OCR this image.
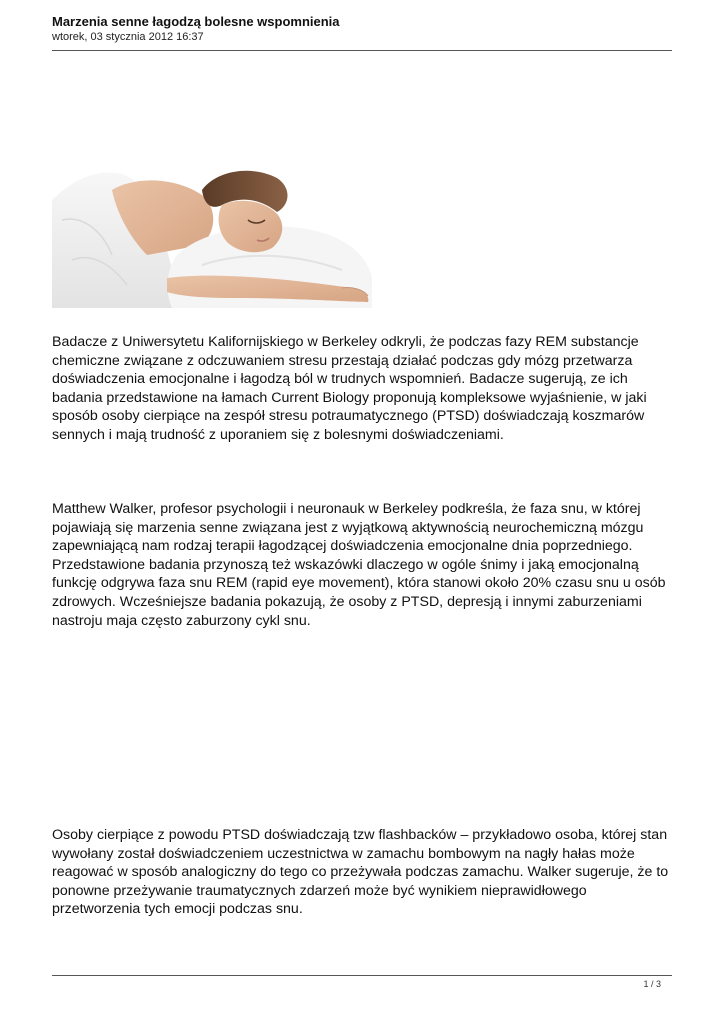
Marzenia senne łagodzą bolesne wspomnienia
wtorek, 03 stycznia 2012 16:37

Badacze z Uniwersytetu Kalifornijskiego w Berkeley odkryli, że podczas fazy REM substancje chemiczne związane z odczuwaniem stresu przestają działać podczas gdy mózg przetwarza doświadczenia emocjonalne i łagodzą ból w trudnych wspomnień. Badacze sugerują, ze ich badania przedstawione na łamach Current Biology proponują kompleksowe wyjaśnienie, w jaki sposób osoby cierpiące na zespół stresu potraumatycznego (PTSD) doświadczają koszmarów sennych i mają trudność z uporaniem się z bolesnymi doświadczeniami.

Matthew Walker, profesor psychologii i neuronauk w Berkeley podkreśla, że faza snu, w której pojawiają się marzenia senne związana jest z wyjątkową aktywnością neurochemiczną mózgu zapewniającą nam rodzaj terapii łagodzącej doświadczenia emocjonalne dnia poprzedniego. Przedstawione badania przynoszą też wskazówki dlaczego w ogóle śnimy i jaką emocjonalną funkcję odgrywa faza snu REM (rapid eye movement), która stanowi około 20% czasu snu u osób zdrowych. Wcześniejsze badania pokazują, że osoby z PTSD, depresją i innymi zaburzeniami nastroju maja często zaburzony cykl snu.

Osoby cierpiące z powodu PTSD doświadczają tzw flashbacków – przykładowo osoba, której stan wywołany został doświadczeniem uczestnictwa w zamachu bombowym na nagły hałas może reagować w sposób analogiczny do tego co przeżywała podczas zamachu. Walker sugeruje, że to ponowne przeżywanie traumatycznych zdarzeń może być wynikiem nieprawidłowego przetworzenia tych emocji podczas snu.

1 / 3
